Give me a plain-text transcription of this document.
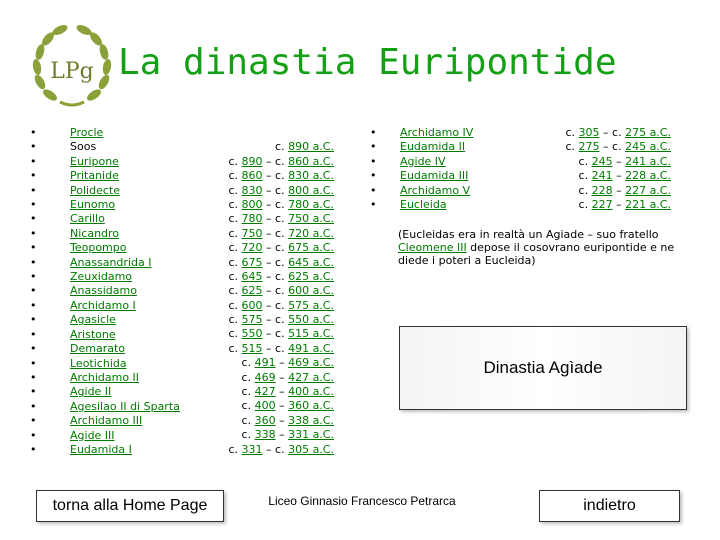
LPg La dinastia Euripontide
•
•
•
•
•
•
•
•
•
•
•
•
•
•
•
•
•
•
•
•
•
•
•
Procle
Soos
Euripone
Pritanide
Polidecte
Eunomo
Carillo
Nicandro
Teopompo
Anassandrida I
Zeuxidamo
Anassidamo
Archidamo I
Agasicle
Aristone
Demarato
Leotichida
Archidamo II
Agide II
Agesilao II di Sparta
Archidamo III
Agide III
Eudamida I
c. 890 a.C.
c. 890 – c. 860 a.C.
c. 860 – c. 830 a.C.
c. 830 – c. 800 a.C.
c. 800 – c. 780 a.C.
c. 780 – c. 750 a.C.
c. 750 – c. 720 a.C.
c. 720 – c. 675 a.C.
c. 675 – c. 645 a.C.
c. 645 – c. 625 a.C.
c. 625 – c. 600 a.C.
c. 600 – c. 575 a.C.
c. 575 – c. 550 a.C.
c. 550 – c. 515 a.C.
c. 515 – c. 491 a.C.
c. 491 – 469 a.C.
c. 469 – 427 a.C.
c. 427 – 400 a.C.
c. 400 – 360 a.C.
c. 360 – 338 a.C.
c. 338 – 331 a.C.
c. 331 – c. 305 a.C.
•
•
•
•
•
•
Archidamo IV
Eudamida II
Agide IV
Eudamida III
Archidamo V
Eucleida
c. 305 – c. 275 a.C.
c. 275 – c. 245 a.C.
c. 245 – 241 a.C.
c. 241 – 228 a.C.
c. 228 – 227 a.C.
c. 227 – 221 a.C.
(Eucleidas era in realtà un Agiade – suo fratello Cleomene III depose il cosovrano euripontide e ne diede i poteri a Eucleida)
Dinastia Agìade
torna alla Home Page	indietro
Liceo Ginnasio Francesco Petrarca
